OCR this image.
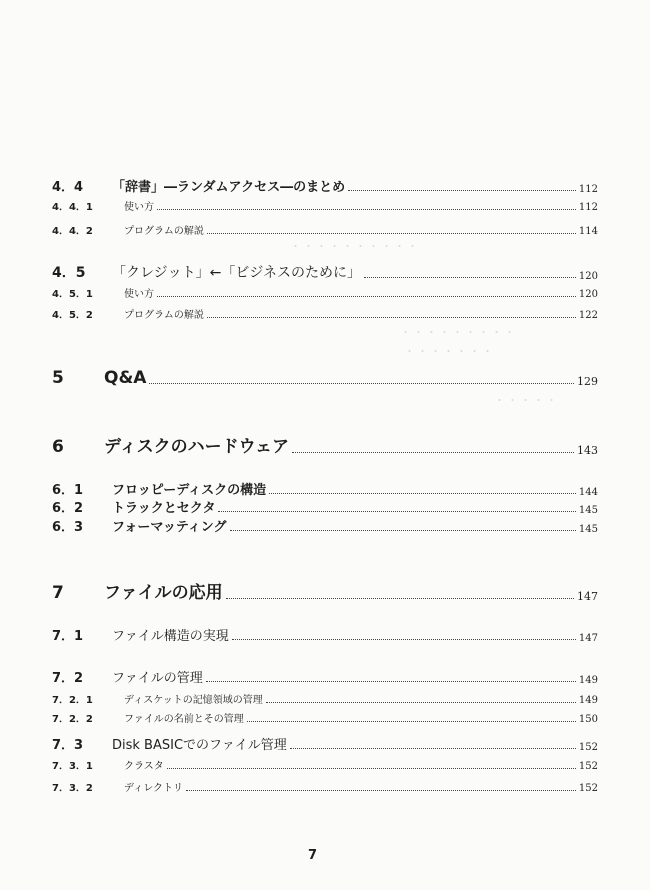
・・・・・・・・・・
・・・・・・・・・
・・・・・・・
・・・・・
4．4	「辞書」―ランダムアクセス―のまとめ	112
4．4．1	使い方	112
4．4．2	プログラムの解説	114
4．5	「クレジット」←「ビジネスのために」	120
4．5．1	使い方	120
4．5．2	プログラムの解説	122
5	Q&A	129
6	ディスクのハードウェア	143
6．1	フロッピーディスクの構造	144
6．2	トラックとセクタ	145
6．3	フォーマッティング	145
7	ファイルの応用	147
7．1	ファイル構造の実現	147
7．2	ファイルの管理	149
7．2．1	ディスケットの記憶領域の管理	149
7．2．2	ファイルの名前とその管理	150
7．3	Disk BASICでのファイル管理	152
7．3．1	クラスタ	152
7．3．2	ディレクトリ	152
7
